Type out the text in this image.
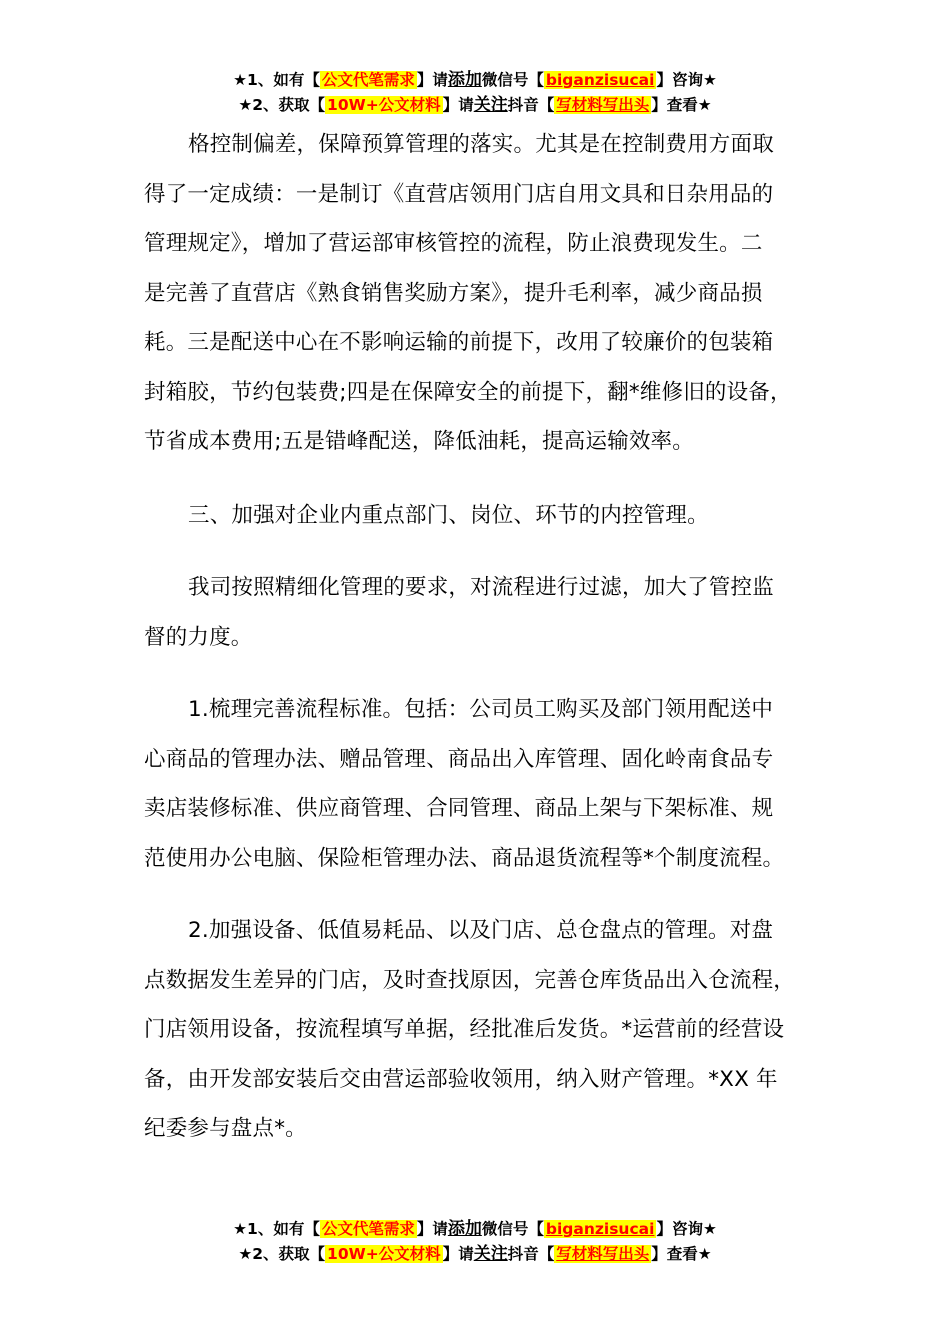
★1、如有【 公文代笔需求 】请添加微信号【 biganzisucai 】咨询★
★2、获取【 10W+公文材料 】请关注抖音【 写材料写出头 】查看★
格控制偏差，保障预算管理的落实。尤其是在控制费用方面取
得了一定成绩：一是制订《直营店领用门店自用文具和日杂用品的
管理规定》，增加了营运部审核管控的流程，防止浪费现发生。二
是完善了直营店《熟食销售奖励方案》，提升毛利率，减少商品损
耗。三是配送中心在不影响运输的前提下，改用了较廉价的包装箱
封箱胶，节约包装费;四是在保障安全的前提下，翻*维修旧的设备，
节省成本费用;五是错峰配送，降低油耗，提高运输效率。
三、加强对企业内重点部门、岗位、环节的内控管理。
我司按照精细化管理的要求，对流程进行过滤，加大了管控监
督的力度。
1.梳理完善流程标准。包括：公司员工购买及部门领用配送中
心商品的管理办法、赠品管理、商品出入库管理、固化岭南食品专
卖店装修标准、供应商管理、合同管理、商品上架与下架标准、规
范使用办公电脑、保险柜管理办法、商品退货流程等*个制度流程。
2.加强设备、低值易耗品、以及门店、总仓盘点的管理。对盘
点数据发生差异的门店，及时查找原因，完善仓库货品出入仓流程，
门店领用设备，按流程填写单据，经批准后发货。*运营前的经营设
备，由开发部安装后交由营运部验收领用，纳入财产管理。*XX 年
纪委参与盘点*。
★1、如有【 公文代笔需求 】请添加微信号【 biganzisucai 】咨询★
★2、获取【 10W+公文材料 】请关注抖音【 写材料写出头 】查看★
